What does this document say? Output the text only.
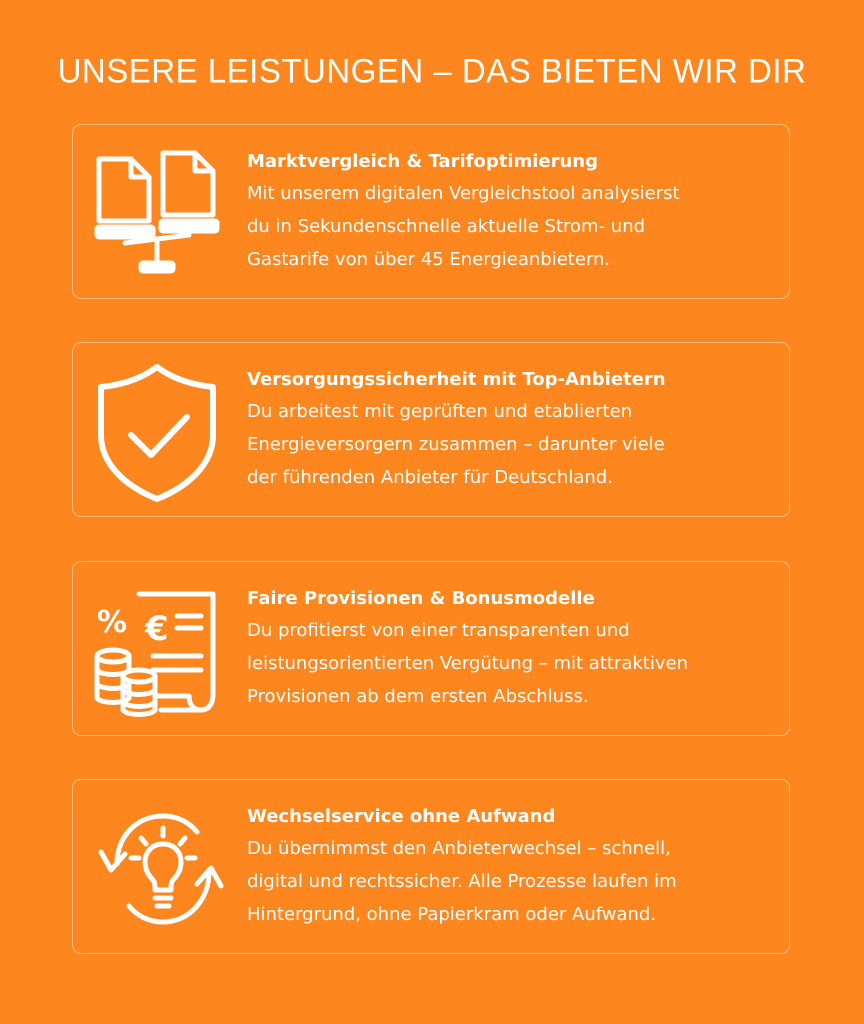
UNSERE LEISTUNGEN – DAS BIETEN WIR DIR
Marktvergleich & Tarifoptimierung
Mit unserem digitalen Vergleichstool analysierst
du in Sekundenschnelle aktuelle Strom- und
Gastarife von über 45 Energieanbietern.
Versorgungssicherheit mit Top-Anbietern
Du arbeitest mit geprüften und etablierten
Energieversorgern zusammen – darunter viele
der führenden Anbieter für Deutschland.
% €
Faire Provisionen & Bonusmodelle
Du profitierst von einer transparenten und
leistungsorientierten Vergütung – mit attraktiven
Provisionen ab dem ersten Abschluss.
Wechselservice ohne Aufwand
Du übernimmst den Anbieterwechsel – schnell,
digital und rechtssicher. Alle Prozesse laufen im
Hintergrund, ohne Papierkram oder Aufwand.
